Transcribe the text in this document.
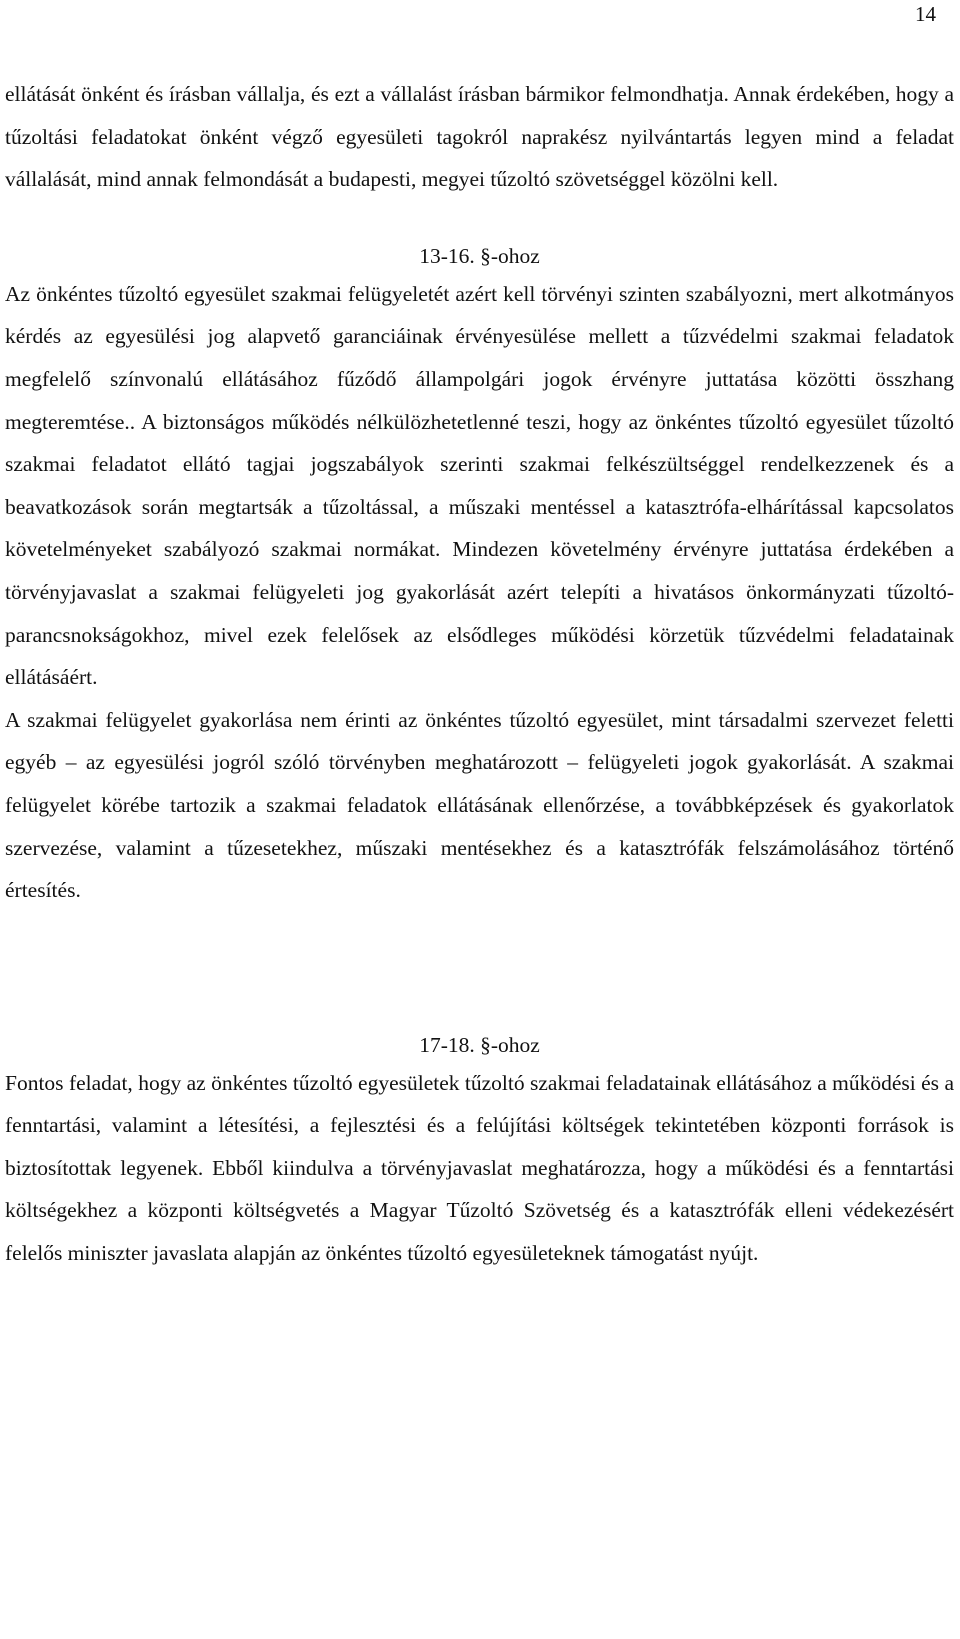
14

ellátását önként és írásban vállalja, és ezt a vállalást írásban bármikor felmondhatja. Annak érdekében, hogy a tűzoltási feladatokat önként végző egyesületi tagokról naprakész nyilvántartás legyen mind a feladat vállalását, mind annak felmondását a budapesti, megyei tűzoltó szövetséggel közölni kell.

13-16. §-ohoz

Az önkéntes tűzoltó egyesület szakmai felügyeletét azért kell törvényi szinten szabályozni, mert alkotmányos kérdés az egyesülési jog alapvető garanciáinak érvényesülése mellett a tűzvédelmi szakmai feladatok megfelelő színvonalú ellátásához fűződő állampolgári jogok érvényre juttatása közötti összhang megteremtése.. A biztonságos működés nélkülözhetetlenné teszi, hogy az önkéntes tűzoltó egyesület tűzoltó szakmai feladatot ellátó tagjai jogszabályok szerinti szakmai felkészültséggel rendelkezzenek és a beavatkozások során megtartsák a tűzoltással, a műszaki mentéssel a katasztrófa-elhárítással kapcsolatos követelményeket szabályozó szakmai normákat. Mindezen követelmény érvényre juttatása érdekében a törvényjavaslat a szakmai felügyeleti jog gyakorlását azért telepíti a hivatásos önkormányzati tűzoltó-parancsnokságokhoz, mivel ezek felelősek az elsődleges működési körzetük tűzvédelmi feladatainak ellátásáért.

A szakmai felügyelet gyakorlása nem érinti az önkéntes tűzoltó egyesület, mint társadalmi szervezet feletti egyéb – az egyesülési jogról szóló törvényben meghatározott – felügyeleti jogok gyakorlását. A szakmai felügyelet körébe tartozik a szakmai feladatok ellátásának ellenőrzése, a továbbképzések és gyakorlatok szervezése, valamint a tűzesetekhez, műszaki mentésekhez és a katasztrófák felszámolásához történő értesítés.

17-18. §-ohoz

Fontos feladat, hogy az önkéntes tűzoltó egyesületek tűzoltó szakmai feladatainak ellátásához a működési és a fenntartási, valamint a létesítési, a fejlesztési és a felújítási költségek tekintetében központi források is biztosítottak legyenek. Ebből kiindulva a törvényjavaslat meghatározza, hogy a működési és a fenntartási költségekhez a központi költségvetés a Magyar Tűzoltó Szövetség és a katasztrófák elleni védekezésért felelős miniszter javaslata alapján az önkéntes tűzoltó egyesületeknek támogatást nyújt.
